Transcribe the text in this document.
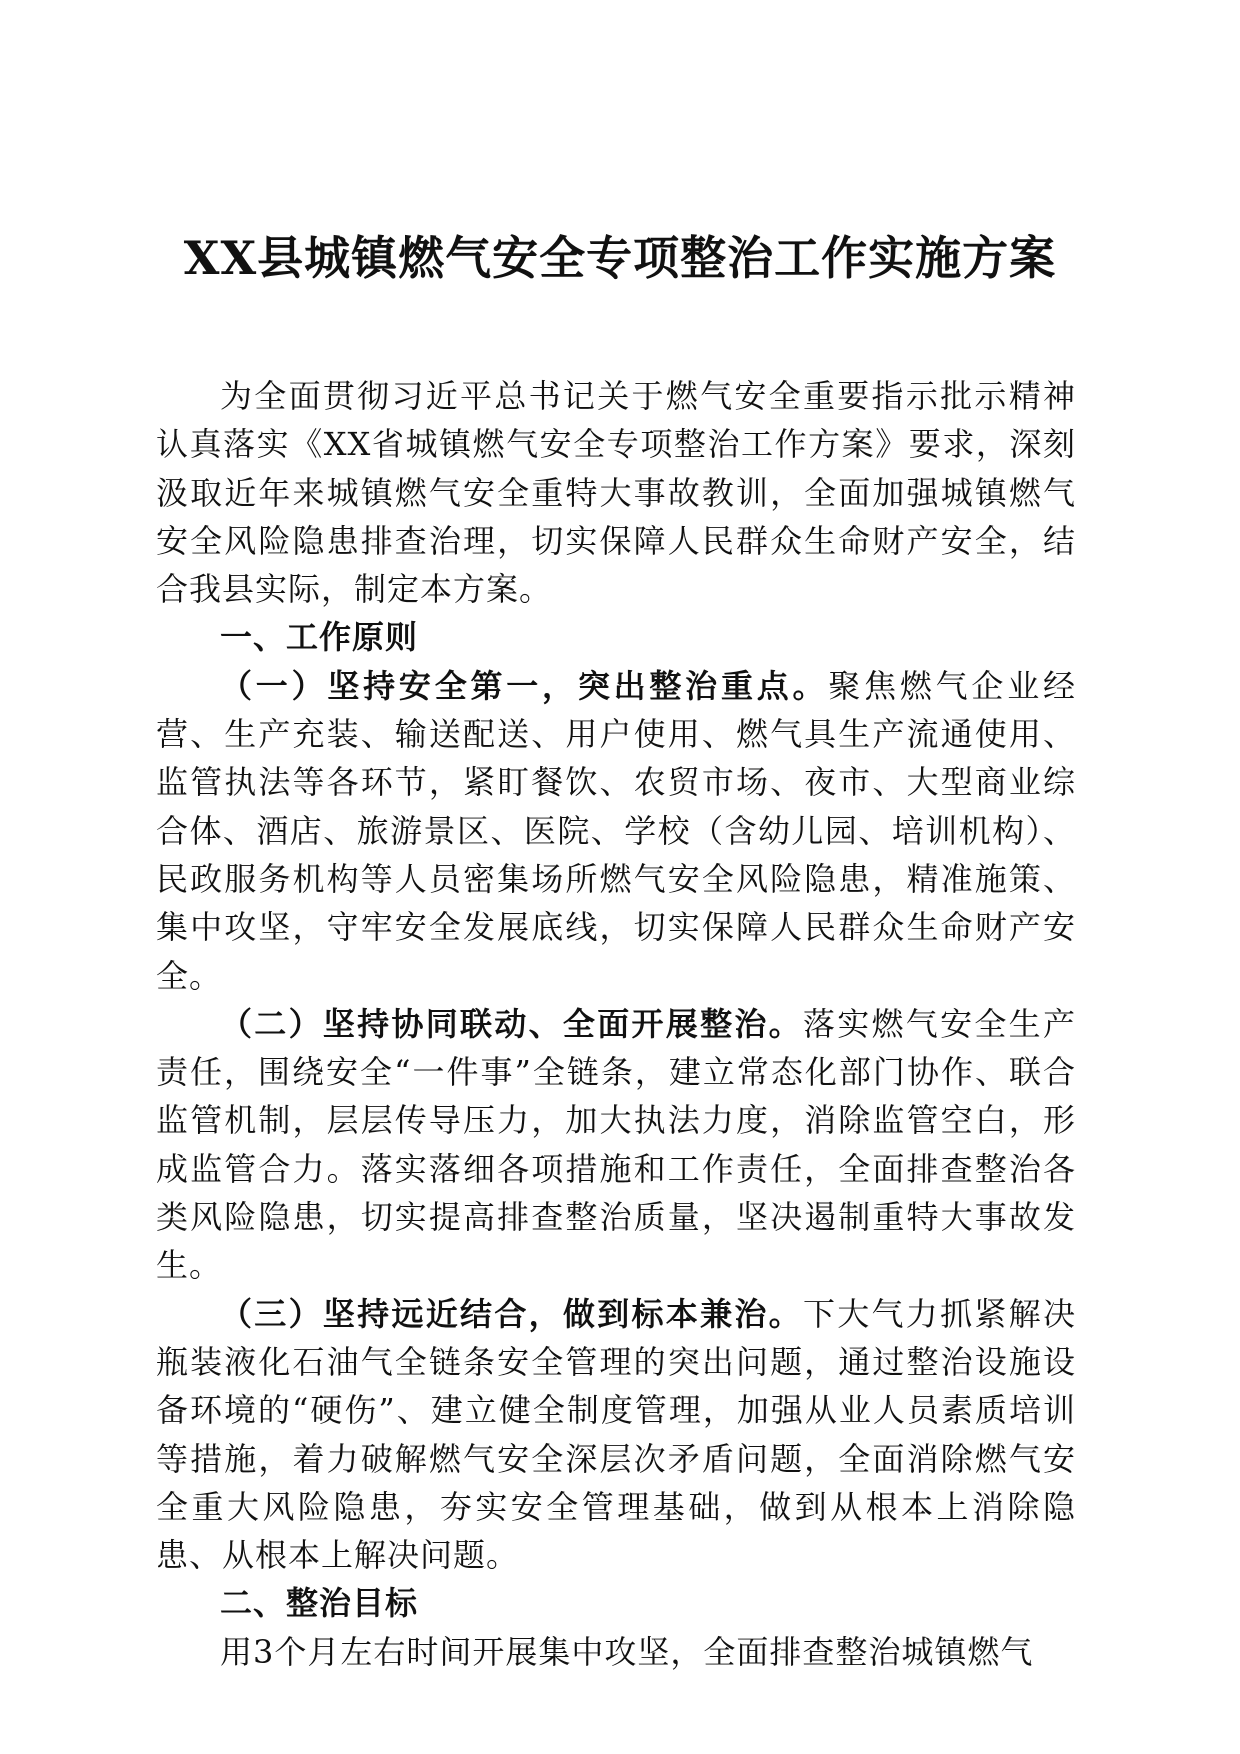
XX县城镇燃气安全专项整治工作实施方案

为全面贯彻习近平总书记关于燃气安全重要指示批示精神认真落实《XX省城镇燃气安全专项整治工作方案》要求，深刻汲取近年来城镇燃气安全重特大事故教训，全面加强城镇燃气安全风险隐患排查治理，切实保障人民群众生命财产安全，结合我县实际，制定本方案。

一、工作原则

（一）坚持安全第一，突出整治重点。聚焦燃气企业经营、生产充装、输送配送、用户使用、燃气具生产流通使用、监管执法等各环节，紧盯餐饮、农贸市场、夜市、大型商业综合体、酒店、旅游景区、医院、学校（含幼儿园、培训机构）、民政服务机构等人员密集场所燃气安全风险隐患，精准施策、集中攻坚，守牢安全发展底线，切实保障人民群众生命财产安全。

（二）坚持协同联动、全面开展整治。落实燃气安全生产责任，围绕安全“一件事”全链条，建立常态化部门协作、联合监管机制，层层传导压力，加大执法力度，消除监管空白，形成监管合力。落实落细各项措施和工作责任，全面排查整治各类风险隐患，切实提高排查整治质量，坚决遏制重特大事故发生。

（三）坚持远近结合，做到标本兼治。下大气力抓紧解决瓶装液化石油气全链条安全管理的突出问题，通过整治设施设备环境的“硬伤”、建立健全制度管理，加强从业人员素质培训等措施，着力破解燃气安全深层次矛盾问题，全面消除燃气安全重大风险隐患，夯实安全管理基础，做到从根本上消除隐患、从根本上解决问题。

二、整治目标

用3个月左右时间开展集中攻坚，全面排查整治城镇燃气
